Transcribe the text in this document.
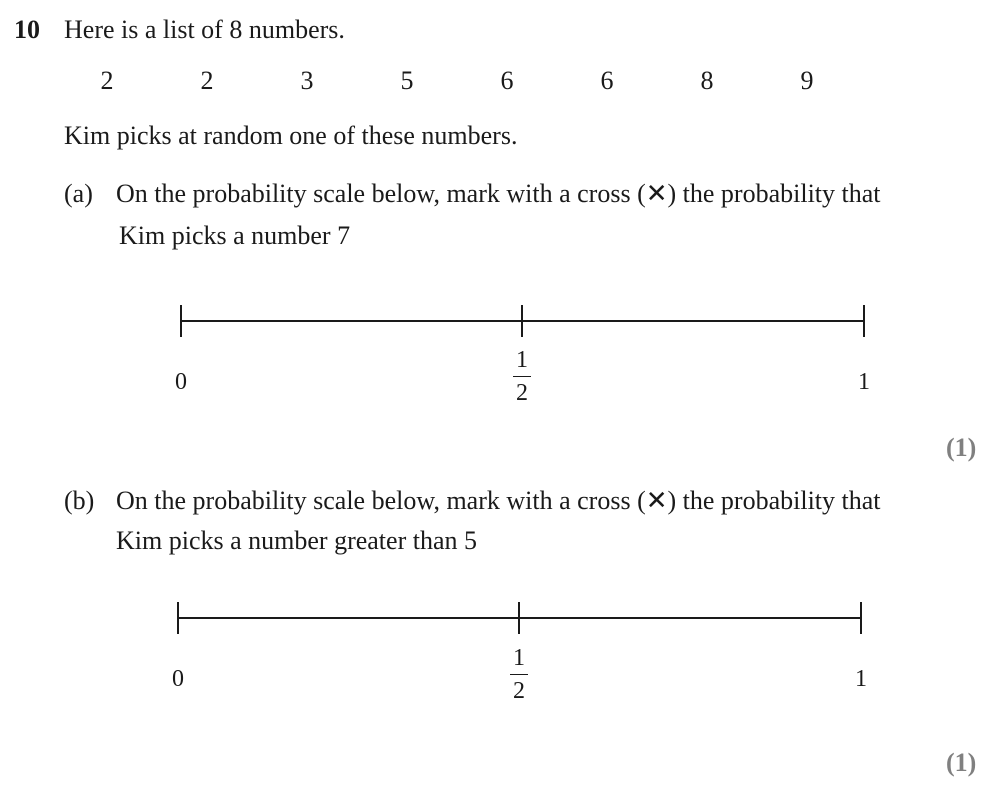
10 Here is a list of 8 numbers.
2	2	3	5	6	6	8	9
Kim picks at random one of these numbers.
(a) On the probability scale below, mark with a cross (✕) the probability that
Kim picks a number 7
0
1
2	1
(1)
(b) On the probability scale below, mark with a cross (✕) the probability that
Kim picks a number greater than 5
0
1
2	1
(1)
